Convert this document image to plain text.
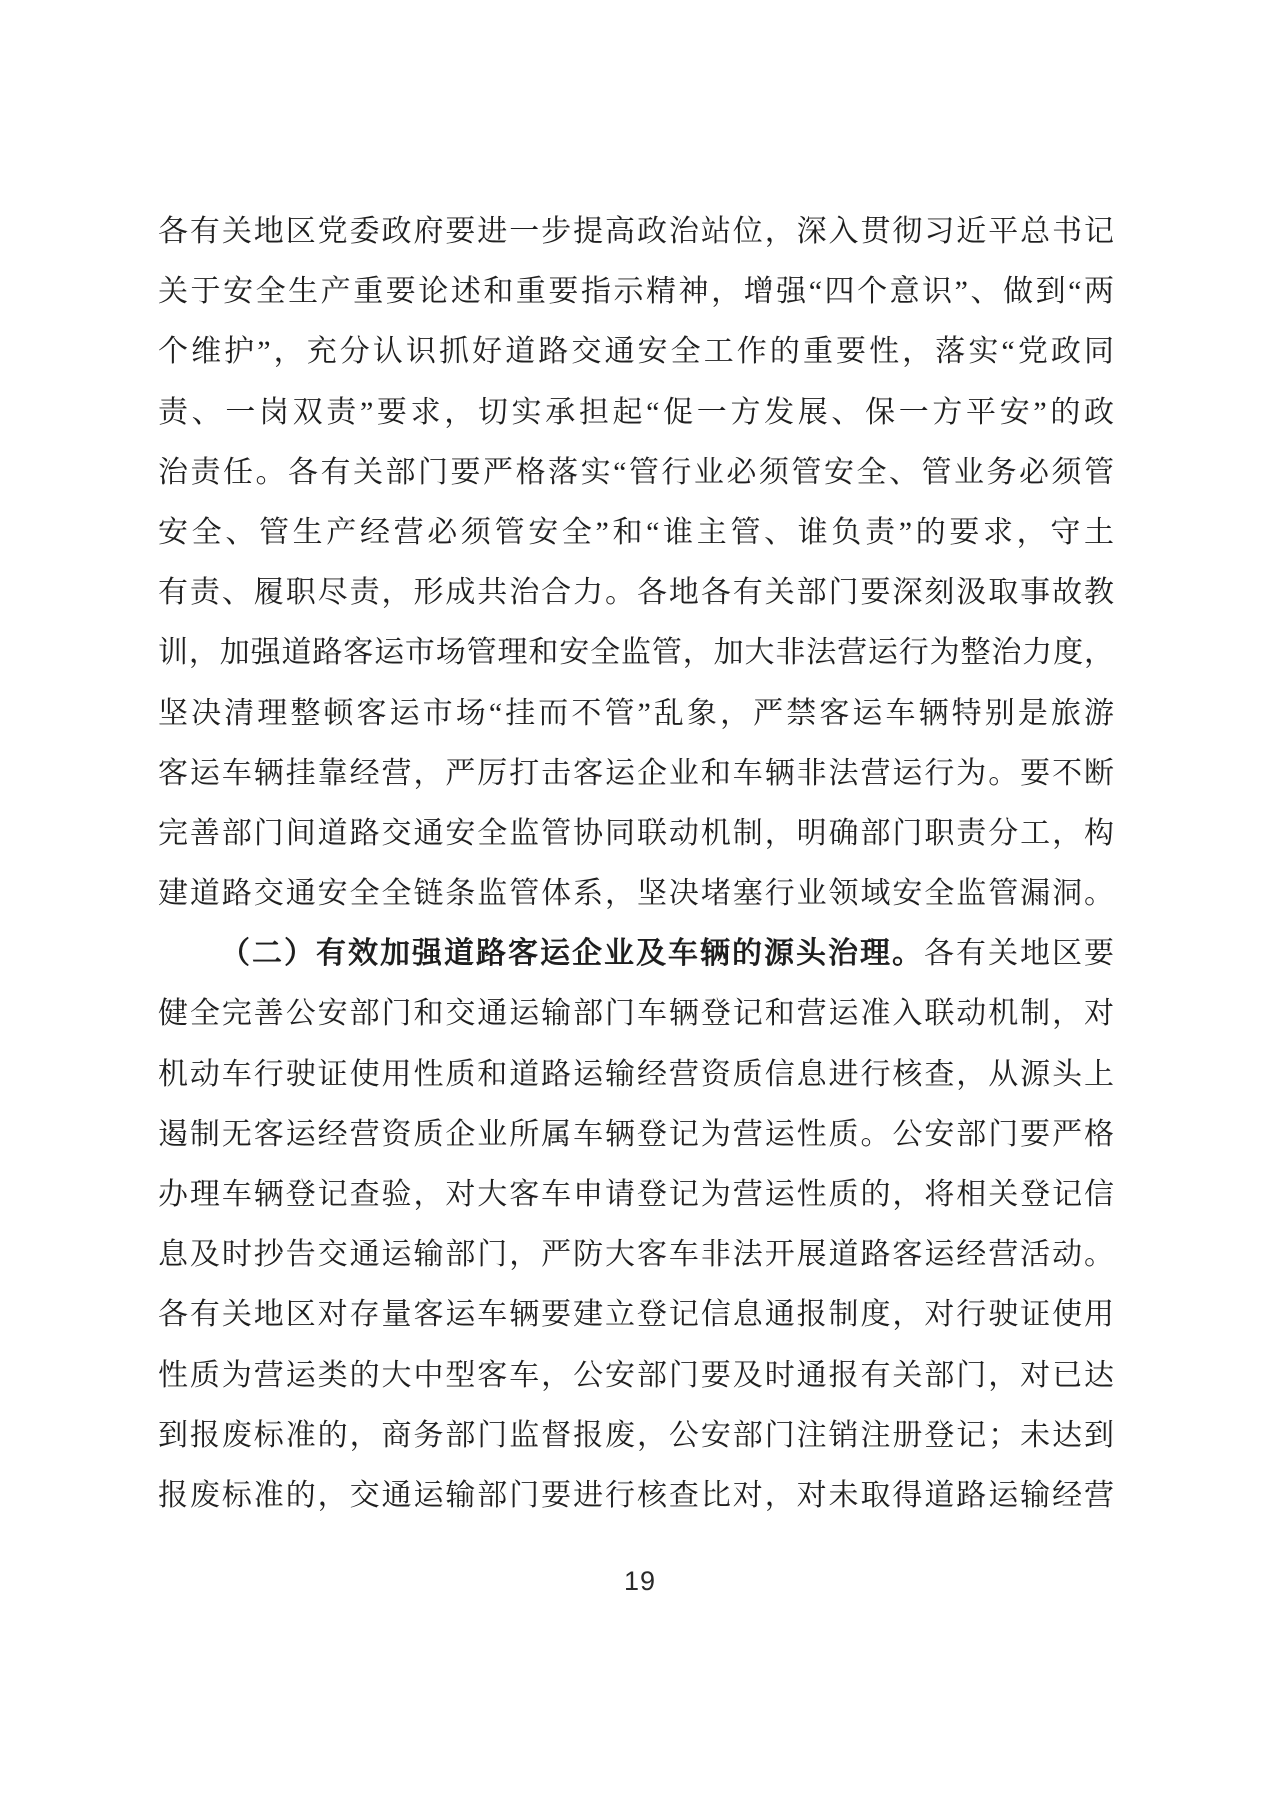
各有关地区党委政府要进一步提高政治站位，深入贯彻习近平总书记
关于安全生产重要论述和重要指示精神，增强“四个意识”、做到“两
个维护”，充分认识抓好道路交通安全工作的重要性，落实“党政同
责、一岗双责”要求，切实承担起“促一方发展、保一方平安”的政
治责任。各有关部门要严格落实“管行业必须管安全、管业务必须管
安全、管生产经营必须管安全”和“谁主管、谁负责”的要求，守土
有责、履职尽责，形成共治合力。各地各有关部门要深刻汲取事故教
训，加强道路客运市场管理和安全监管，加大非法营运行为整治力度，
坚决清理整顿客运市场“挂而不管”乱象，严禁客运车辆特别是旅游
客运车辆挂靠经营，严厉打击客运企业和车辆非法营运行为。要不断
完善部门间道路交通安全监管协同联动机制，明确部门职责分工，构
建道路交通安全全链条监管体系，坚决堵塞行业领域安全监管漏洞。
（二）有效加强道路客运企业及车辆的源头治理。各有关地区要
健全完善公安部门和交通运输部门车辆登记和营运准入联动机制，对
机动车行驶证使用性质和道路运输经营资质信息进行核查，从源头上
遏制无客运经营资质企业所属车辆登记为营运性质。公安部门要严格
办理车辆登记查验，对大客车申请登记为营运性质的，将相关登记信
息及时抄告交通运输部门，严防大客车非法开展道路客运经营活动。
各有关地区对存量客运车辆要建立登记信息通报制度，对行驶证使用
性质为营运类的大中型客车，公安部门要及时通报有关部门，对已达
到报废标准的，商务部门监督报废，公安部门注销注册登记；未达到
报废标准的，交通运输部门要进行核查比对，对未取得道路运输经营
19
